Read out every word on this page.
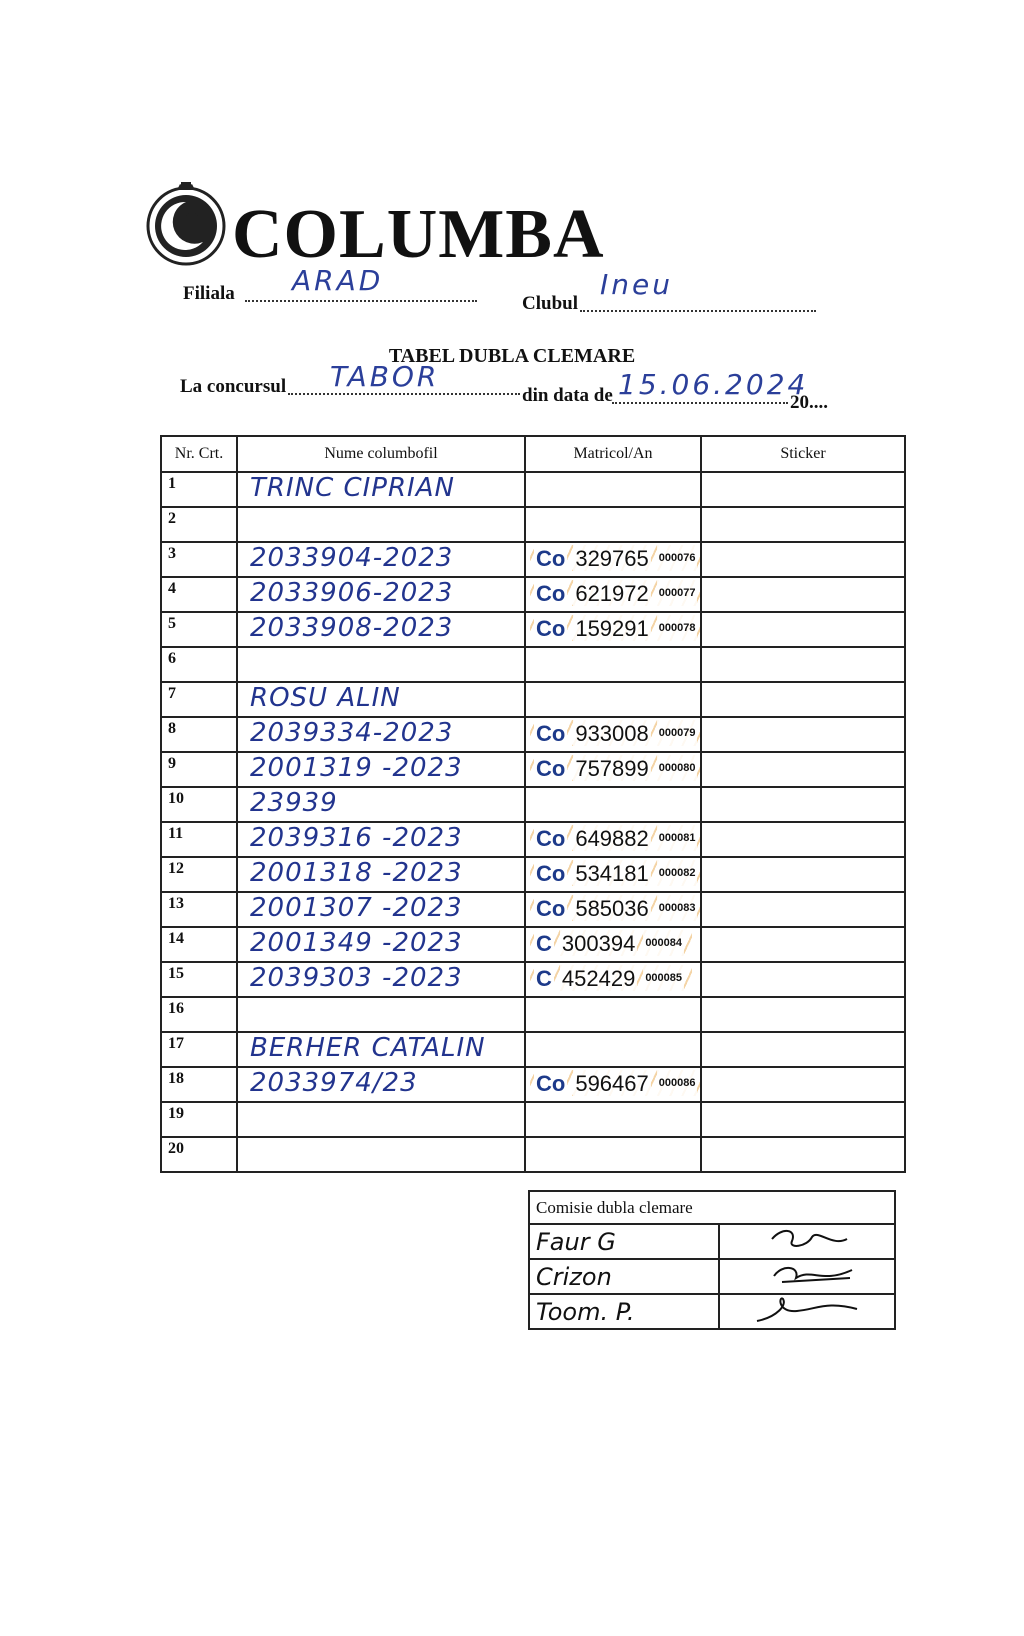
COLUMBA
Filiala ARAD
Clubul
Ineu
TABEL DUBLA CLEMARE
La concursul TABOR
din data de 15.06.2024
20....
Nr. Crt.	Nume columbofil	Matricol/An	Sticker
1	TRINC CIPRIAN		
2			
3	2033904-2023	Co 329765 000076	

4	2033906-2023	Co 621972 000077	

5	2033908-2023	Co 159291 000078	

6			
7	ROSU ALIN		
8	2039334-2023	Co 933008 000079	

9	2001319 -2023	Co 757899 000080	

10	23939		
11	2039316 -2023	Co 649882 000081	

12	2001318 -2023	Co 534181 000082	

13	2001307 -2023	Co 585036 000083	

14	2001349 -2023	C 300394 000084	

15	2039303 -2023	C 452429 000085	

16			
17	BERHER CATALIN		
18	2033974/23	Co 596467 000086	

19			
20			
Comisie dubla clemare	
Faur G	
Crizon	
Toom. P.	
